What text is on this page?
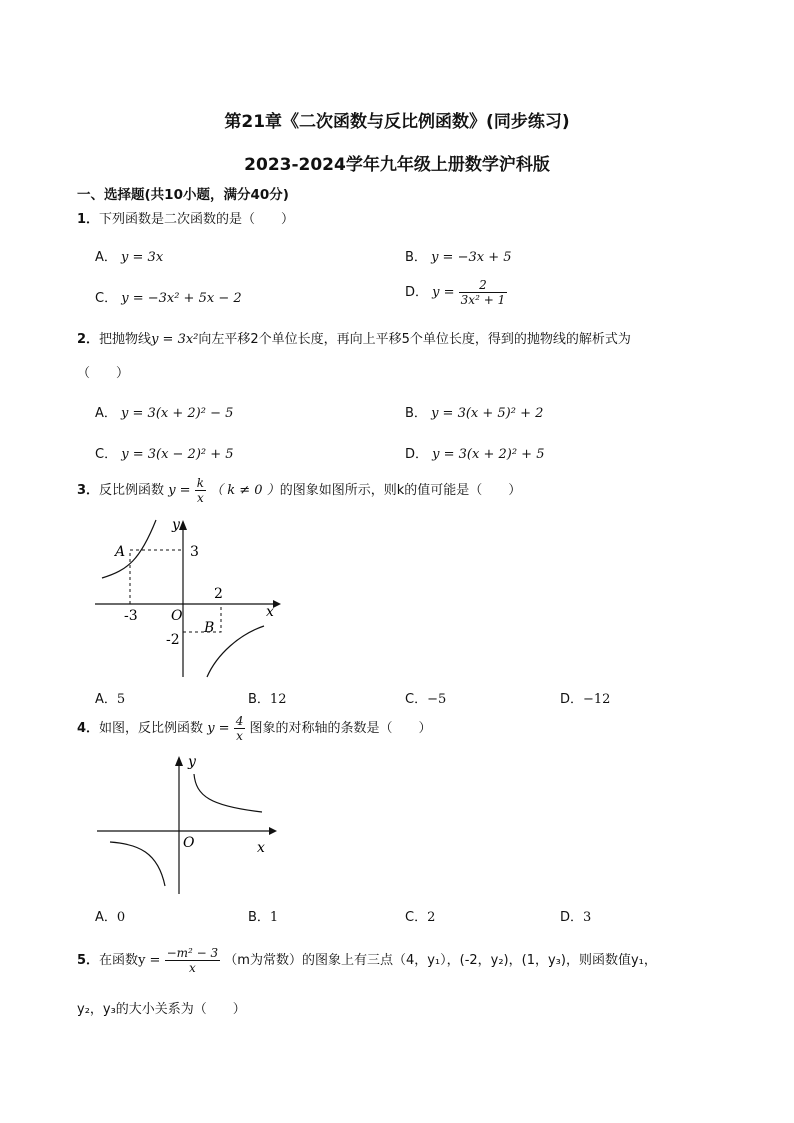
第21章《二次函数与反比例函数》(同步练习)
2023-2024学年九年级上册数学沪科版
一、选择题(共10小题，满分40分)
1．下列函数是二次函数的是（　　）
A． y = 3x	B． y = −3x + 5
C． y = −3x² + 5x − 2	D． $y = \frac{2}{\text{3x² + 1}}$
2．把抛物线y = 3x²向左平移2个单位长度，再向上平移5个单位长度，得到的抛物线的解析式为
（　　）
A． y = 3(x + 2)² − 5	B． y = 3(x + 5)² + 2
C． y = 3(x − 2)² + 5	D． y = 3(x + 2)² + 5
3．反比例函数 $y = \frac{k}{x}$ （ k ≠ 0 ）的图象如图所示，则k的值可能是（　　）
A	3
-3 O
2
B
-2
y
x
A．5	B．12	C．−5	D．−12
4．如图，反比例函数 $y = \frac{4}{x}$ 图象的对称轴的条数是（　　）
y
O	x
A．0	B．1	C．2	D．3
5．在函数$y = \frac{\text{−m² − 3}}{x} (m$为常数）的图象上有三点（4，y₁），(-2，y₂)，(1，y₃)，则函数值y₁，
y₂，y₃的大小关系为（　　）
